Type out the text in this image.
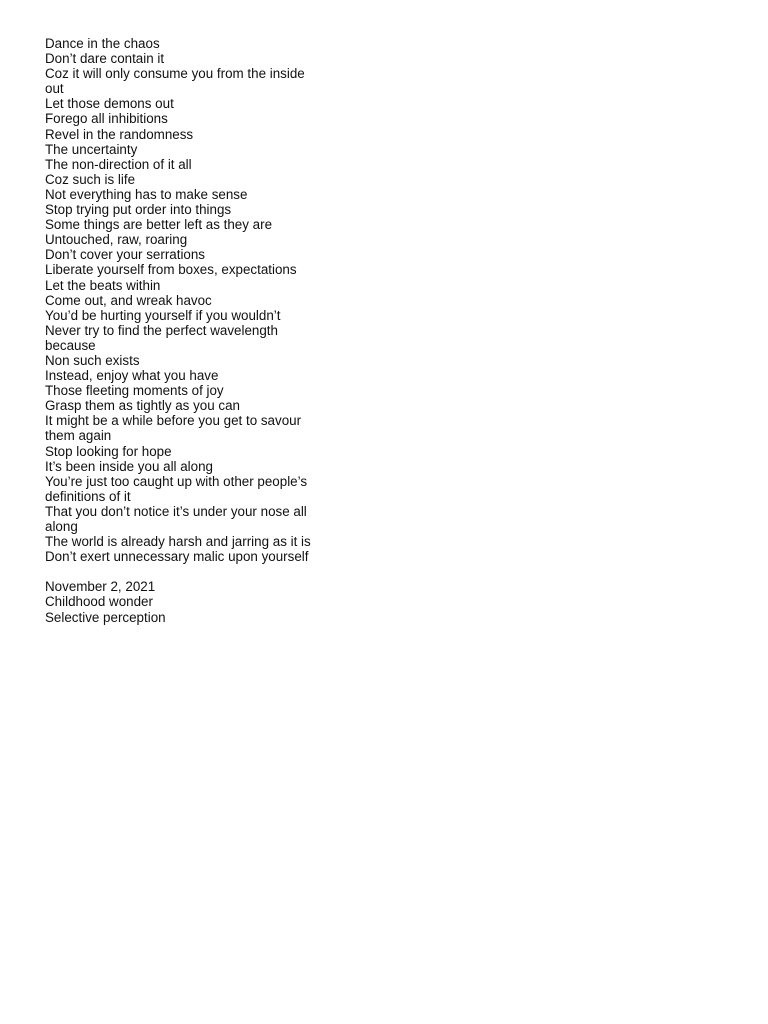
Dance in the chaos
Don’t dare contain it
Coz it will only consume you from the inside
out
Let those demons out
Forego all inhibitions
Revel in the randomness
The uncertainty
The non-direction of it all
Coz such is life
Not everything has to make sense
Stop trying put order into things
Some things are better left as they are
Untouched, raw, roaring
Don’t cover your serrations
Liberate yourself from boxes, expectations
Let the beats within
Come out, and wreak havoc
You’d be hurting yourself if you wouldn’t
Never try to find the perfect wavelength
because
Non such exists
Instead, enjoy what you have
Those fleeting moments of joy
Grasp them as tightly as you can
It might be a while before you get to savour
them again
Stop looking for hope
It’s been inside you all along
You’re just too caught up with other people’s
definitions of it
That you don’t notice it’s under your nose all
along
The world is already harsh and jarring as it is
Don’t exert unnecessary malic upon yourself
November 2, 2021
Childhood wonder
Selective perception
